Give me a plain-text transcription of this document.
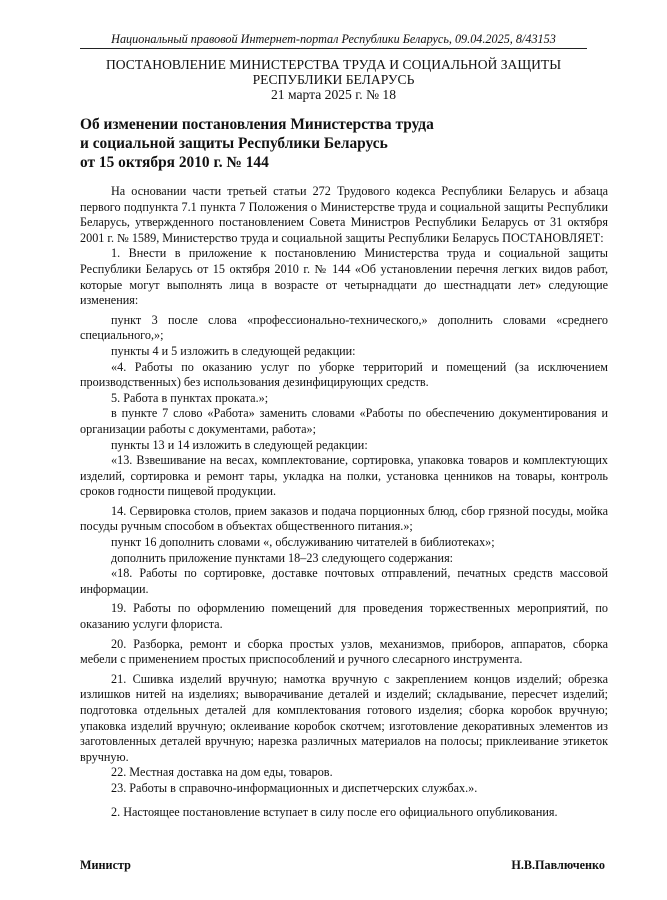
Национальный правовой Интернет-портал Республики Беларусь, 09.04.2025, 8/43153
ПОСТАНОВЛЕНИЕ МИНИСТЕРСТВА ТРУДА И СОЦИАЛЬНОЙ ЗАЩИТЫ
РЕСПУБЛИКИ БЕЛАРУСЬ
21 марта 2025 г. № 18
Об изменении постановления Министерства труда
и социальной защиты Республики Беларусь
от 15 октября 2010 г. № 144

На основании части третьей статьи 272 Трудового кодекса Республики Беларусь и абзаца первого подпункта 7.1 пункта 7 Положения о Министерстве труда и социальной защиты Республики Беларусь, утвержденного постановлением Совета Министров Республики Беларусь от 31 октября 2001 г. № 1589, Министерство труда и социальной защиты Республики Беларусь ПОСТАНОВЛЯЕТ:

1. Внести в приложение к постановлению Министерства труда и социальной защиты Республики Беларусь от 15 октября 2010 г. № 144 «Об установлении перечня легких видов работ, которые могут выполнять лица в возрасте от четырнадцати до шестнадцати лет» следующие изменения:

пункт 3 после слова «профессионально-технического,» дополнить словами «среднего специального,»;

пункты 4 и 5 изложить в следующей редакции:

«4. Работы по оказанию услуг по уборке территорий и помещений (за исключением производственных) без использования дезинфицирующих средств.

5. Работа в пунктах проката.»;

в пункте 7 слово «Работа» заменить словами «Работы по обеспечению документирования и организации работы с документами, работа»;

пункты 13 и 14 изложить в следующей редакции:

«13. Взвешивание на весах, комплектование, сортировка, упаковка товаров и комплектующих изделий, сортировка и ремонт тары, укладка на полки, установка ценников на товары, контроль сроков годности пищевой продукции.

14. Сервировка столов, прием заказов и подача порционных блюд, сбор грязной посуды, мойка посуды ручным способом в объектах общественного питания.»;

пункт 16 дополнить словами «, обслуживанию читателей в библиотеках»;

дополнить приложение пунктами 18–23 следующего содержания:

«18. Работы по сортировке, доставке почтовых отправлений, печатных средств массовой информации.

19. Работы по оформлению помещений для проведения торжественных мероприятий, по оказанию услуги флориста.

20. Разборка, ремонт и сборка простых узлов, механизмов, приборов, аппаратов, сборка мебели с применением простых приспособлений и ручного слесарного инструмента.

21. Сшивка изделий вручную; намотка вручную с закреплением концов изделий; обрезка излишков нитей на изделиях; выворачивание деталей и изделий; складывание, пересчет изделий; подготовка отдельных деталей для комплектования готового изделия; сборка коробок вручную; упаковка изделий вручную; оклеивание коробок скотчем; изготовление декоративных элементов из заготовленных деталей вручную; нарезка различных материалов на полосы; приклеивание этикеток вручную.

22. Местная доставка на дом еды, товаров.

23. Работы в справочно-информационных и диспетчерских службах.».

2. Настоящее постановление вступает в силу после его официального опубликования.

Министр	Н.В.Павлюченко
